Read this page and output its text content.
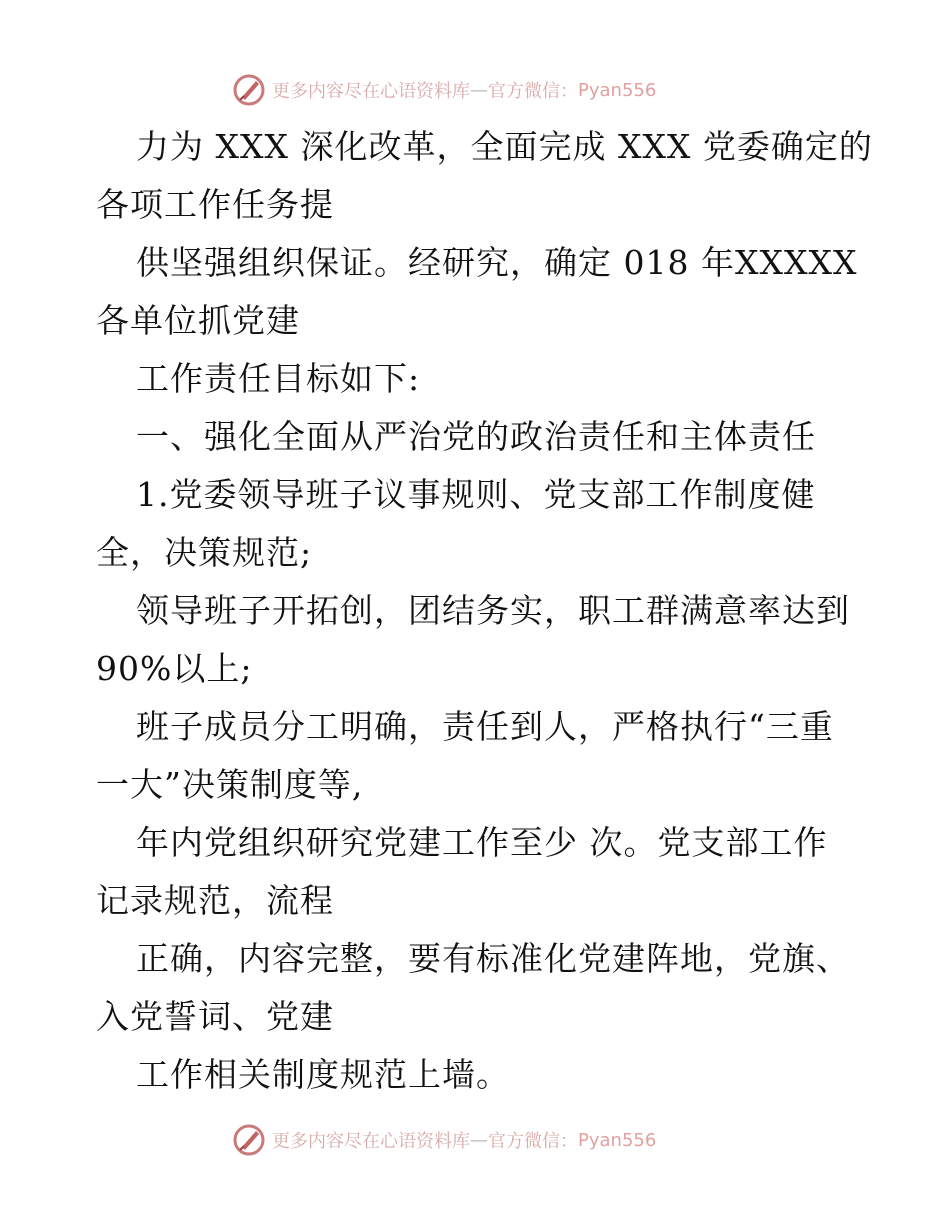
更多内容尽在心语资料库 — 官方微信： Pyan556
力为 XXX 深化改革，全面完成 XXX 党委确定的
各项工作任务提
供坚强组织保证。经研究，确定 018 年XXXXX
各单位抓党建
工作责任目标如下:
一、强化全面从严治党的政治责任和主体责任
1.党委领导班子议事规则、党支部工作制度健
全，决策规范;
领导班子开拓创，团结务实，职工群满意率达到
90%以上;
班子成员分工明确，责任到人，严格执行“三重
一大”决策制度等,
年内党组织研究党建工作至少 次。党支部工作
记录规范，流程
正确，内容完整，要有标准化党建阵地，党旗、
入党誓词、党建
工作相关制度规范上墙。
更多内容尽在心语资料库 — 官方微信： Pyan556
